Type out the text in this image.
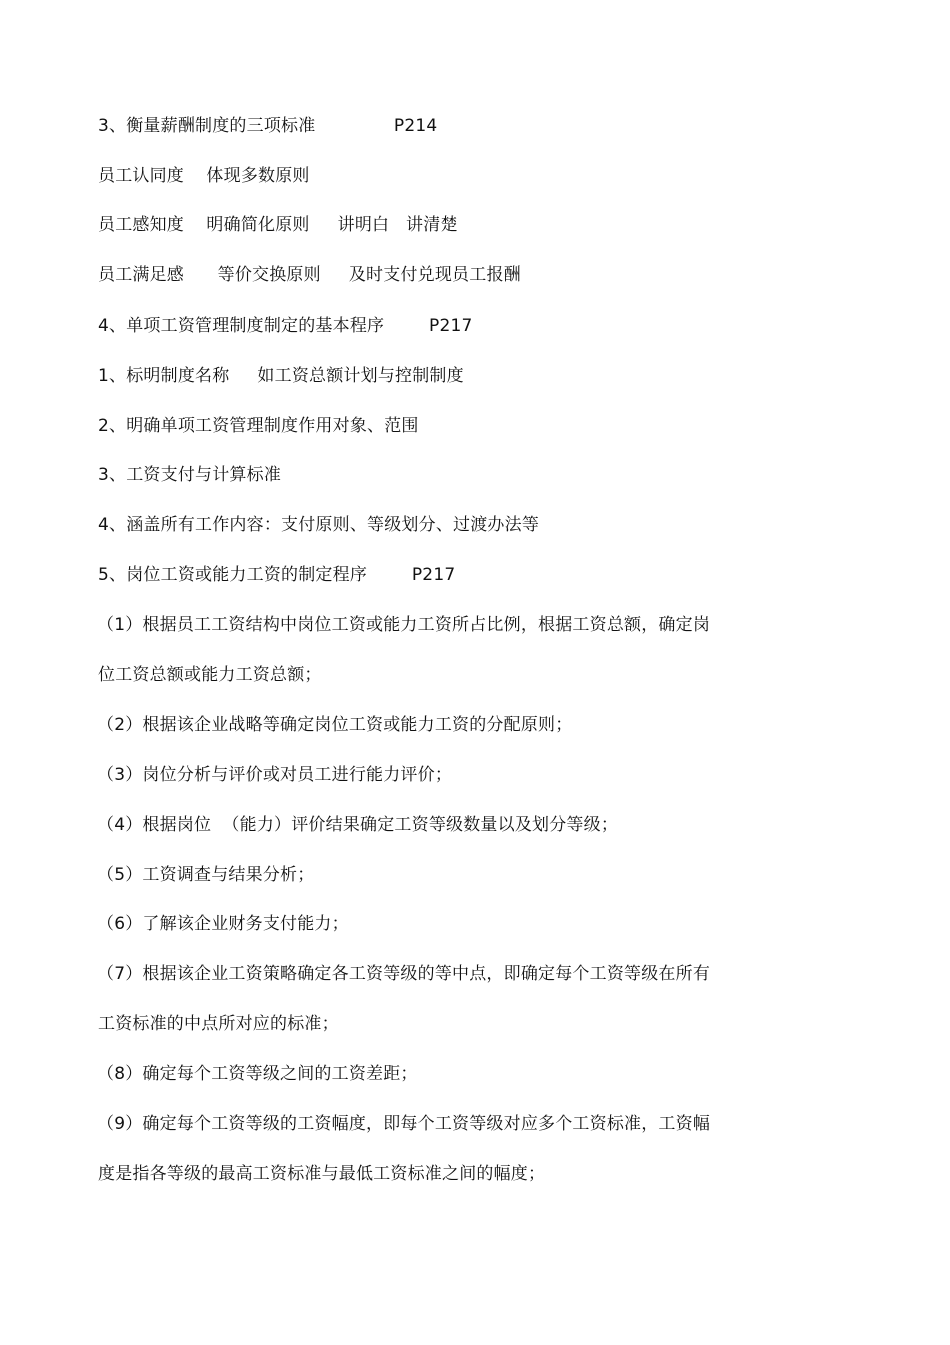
3、衡量薪酬制度的三项标准              P214
员工认同度    体现多数原则
员工感知度    明确简化原则     讲明白   讲清楚
员工满足感      等价交换原则     及时支付兑现员工报酬
4、单项工资管理制度制定的基本程序        P217
1、标明制度名称     如工资总额计划与控制制度
2、明确单项工资管理制度作用对象、范围
3、工资支付与计算标准
4、涵盖所有工作内容：支付原则、等级划分、过渡办法等
5、岗位工资或能力工资的制定程序        P217
（1）根据员工工资结构中岗位工资或能力工资所占比例，根据工资总额，确定岗
位工资总额或能力工资总额；
（2）根据该企业战略等确定岗位工资或能力工资的分配原则；
（3）岗位分析与评价或对员工进行能力评价；
（4）根据岗位  （能力）评价结果确定工资等级数量以及划分等级；
（5）工资调查与结果分析；
（6）了解该企业财务支付能力；
（7）根据该企业工资策略确定各工资等级的等中点，即确定每个工资等级在所有
工资标准的中点所对应的标准；
（8）确定每个工资等级之间的工资差距；
（9）确定每个工资等级的工资幅度，即每个工资等级对应多个工资标准，工资幅
度是指各等级的最高工资标准与最低工资标准之间的幅度；
